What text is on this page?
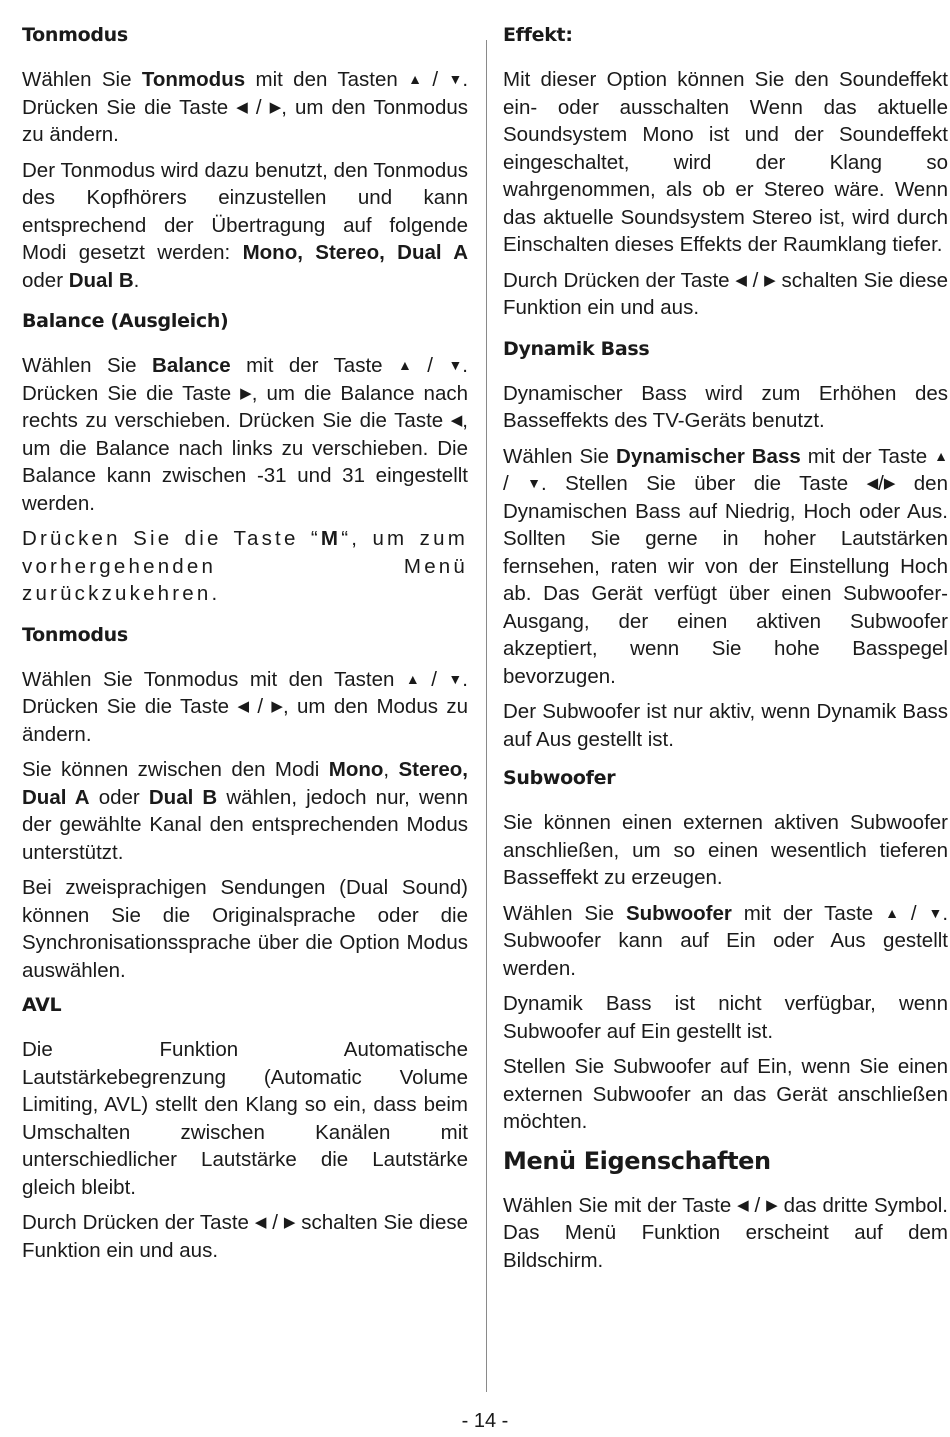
Tonmodus

Wählen Sie Tonmodus mit den Tasten ▲ / ▼. Drücken Sie die Taste ◀ / ▶, um den Tonmodus zu ändern.

Der Tonmodus wird dazu benutzt, den Tonmodus des Kopfhörers einzustellen und kann entsprechend der Übertragung auf folgende Modi gesetzt werden: Mono, Stereo, Dual A oder Dual B.

Balance (Ausgleich)

Wählen Sie Balance mit der Taste ▲ / ▼. Drücken Sie die Taste ▶, um die Balance nach rechts zu verschieben. Drücken Sie die Taste ◀, um die Balance nach links zu verschieben. Die Balance kann zwischen -31 und 31 eingestellt werden.

Drücken Sie die Taste “M“, um zum vorhergehenden Menü zurückzukehren.

Tonmodus

Wählen Sie Tonmodus mit den Tasten ▲ / ▼. Drücken Sie die Taste ◀ / ▶, um den Modus zu ändern.

Sie können zwischen den Modi Mono, Stereo, Dual A oder Dual B wählen, jedoch nur, wenn der gewählte Kanal den entsprechenden Modus unterstützt.

Bei zweisprachigen Sendungen (Dual Sound) können Sie die Originalsprache oder die Synchronisationssprache über die Option Modus auswählen.

AVL

Die Funktion Automatische Lautstärkebegrenzung (Automatic Volume Limiting, AVL) stellt den Klang so ein, dass beim Umschalten zwischen Kanälen mit unterschiedlicher Lautstärke die Lautstärke gleich bleibt.

Durch Drücken der Taste ◀ / ▶ schalten Sie diese Funktion ein und aus.

Effekt:

Mit dieser Option können Sie den Soundeffekt ein- oder ausschalten Wenn das aktuelle Soundsystem Mono ist und der Soundeffekt eingeschaltet, wird der Klang so wahrgenommen, als ob er Stereo wäre. Wenn das aktuelle Soundsystem Stereo ist, wird durch Einschalten dieses Effekts der Raumklang tiefer.

Durch Drücken der Taste ◀ / ▶ schalten Sie diese Funktion ein und aus.

Dynamik Bass

Dynamischer Bass wird zum Erhöhen des Basseffekts des TV-Geräts benutzt.

Wählen Sie Dynamischer Bass mit der Taste ▲ / ▼. Stellen Sie über die Taste ◀/▶ den Dynamischen Bass auf Niedrig, Hoch oder Aus. Sollten Sie gerne in hoher Lautstärken fernsehen, raten wir von der Einstellung Hoch ab. Das Gerät verfügt über einen Subwoofer-Ausgang, der einen aktiven Subwoofer akzeptiert, wenn Sie hohe Basspegel bevorzugen.

Der Subwoofer ist nur aktiv, wenn Dynamik Bass auf Aus gestellt ist.

Subwoofer

Sie können einen externen aktiven Subwoofer anschließen, um so einen wesentlich tieferen Basseffekt zu erzeugen.

Wählen Sie Subwoofer mit der Taste ▲ / ▼. Subwoofer kann auf Ein oder Aus gestellt werden.

Dynamik Bass ist nicht verfügbar, wenn Subwoofer auf Ein gestellt ist.

Stellen Sie Subwoofer auf Ein, wenn Sie einen externen Subwoofer an das Gerät anschließen möchten.

Menü Eigenschaften

Wählen Sie mit der Taste ◀ / ▶ das dritte Symbol. Das Menü Funktion erscheint auf dem Bildschirm.

- 14 -
